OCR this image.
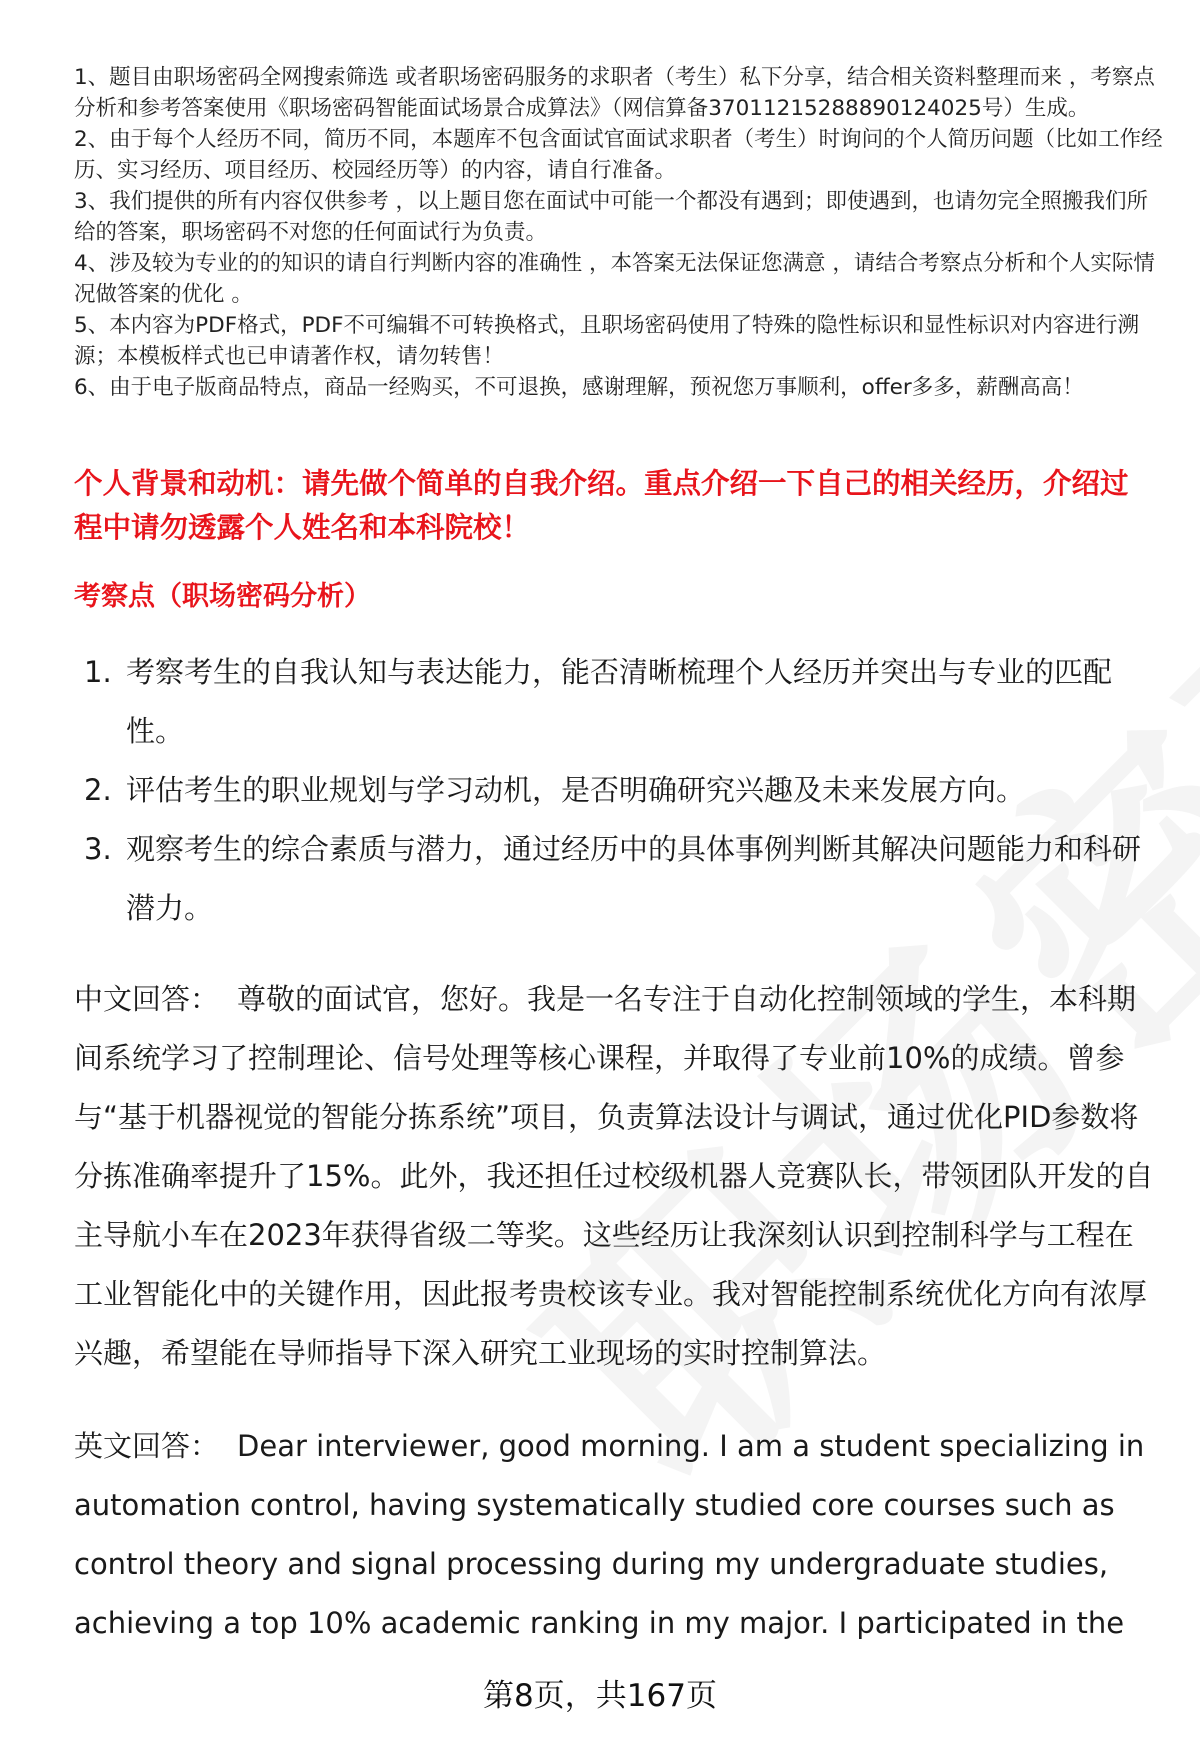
1、题目由职场密码全网搜索筛选 或者职场密码服务的求职者（考生）私下分享，结合相关资料整理而来 ，考察点分析和参考答案使用《职场密码智能面试场景合成算法》（网信算备37011215288890124025号）生成。
2、由于每个人经历不同，简历不同，本题库不包含面试官面试求职者（考生）时询问的个人简历问题（比如工作经历、实习经历、项目经历、校园经历等）的内容，请自行准备。
3、我们提供的所有内容仅供参考 ，以上题目您在面试中可能一个都没有遇到；即使遇到，也请勿完全照搬我们所给的答案，职场密码不对您的任何面试行为负责。
4、涉及较为专业的的知识的请自行判断内容的准确性 ，本答案无法保证您满意 ，请结合考察点分析和个人实际情况做答案的优化 。
5、本内容为PDF格式，PDF不可编辑不可转换格式，且职场密码使用了特殊的隐性标识和显性标识对内容进行溯源；本模板样式也已申请著作权，请勿转售！
6、由于电子版商品特点，商品一经购买，不可退换，感谢理解，预祝您万事顺利，offer多多，薪酬高高！
个人背景和动机：请先做个简单的自我介绍。重点介绍一下自己的相关经历，介绍过程中请勿透露个人姓名和本科院校！
考察点（职场密码分析）
1. 考察考生的自我认知与表达能力，能否清晰梳理个人经历并突出与专业的匹配性。
2. 评估考生的职业规划与学习动机，是否明确研究兴趣及未来发展方向。
3. 观察考生的综合素质与潜力，通过经历中的具体事例判断其解决问题能力和科研潜力。

中文回答： 尊敬的面试官，您好。我是一名专注于自动化控制领域的学生，本科期间系统学习了控制理论、信号处理等核心课程，并取得了专业前10%的成绩。曾参与“基于机器视觉的智能分拣系统”项目，负责算法设计与调试，通过优化PID参数将分拣准确率提升了15%。此外，我还担任过校级机器人竞赛队长，带领团队开发的自主导航小车在2023年获得省级二等奖。这些经历让我深刻认识到控制科学与工程在工业智能化中的关键作用，因此报考贵校该专业。我对智能控制系统优化方向有浓厚兴趣，希望能在导师指导下深入研究工业现场的实时控制算法。

英文回答： Dear interviewer, good morning. I am a student specializing in automation control, having systematically studied core courses such as control theory and signal processing during my undergraduate studies, achieving a top 10% academic ranking in my major. I participated in the

第8页，共167页
